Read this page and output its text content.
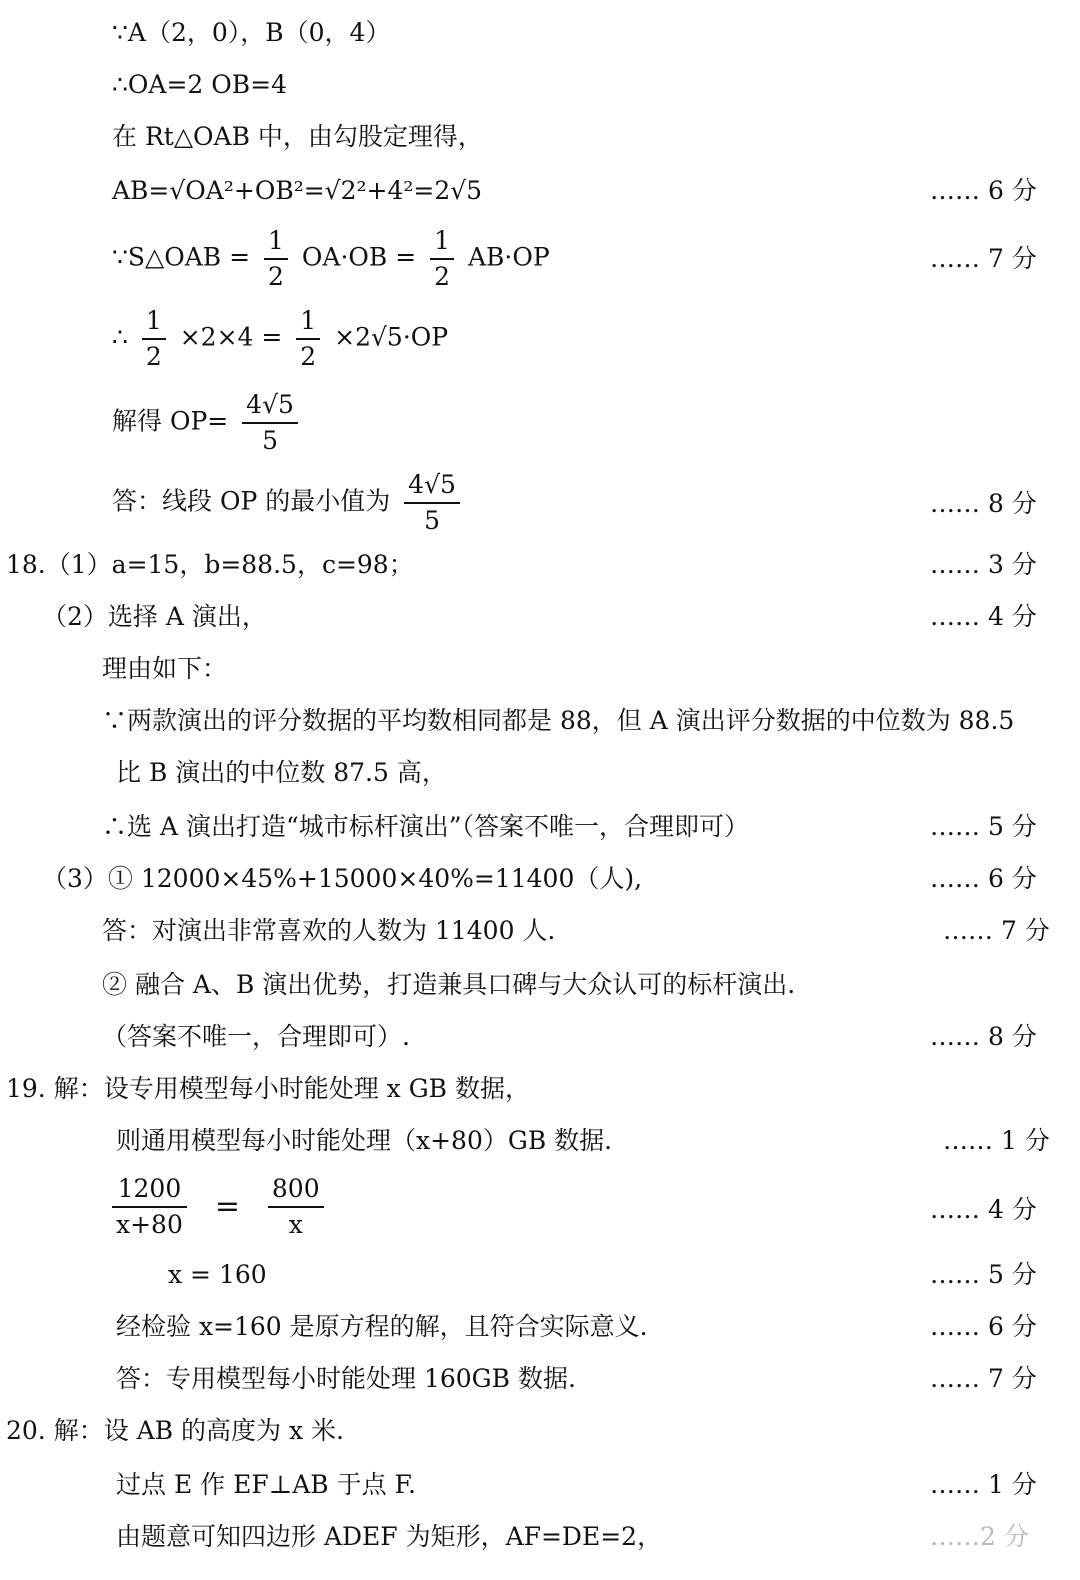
∵A（2，0），B（0，4）
∴OA=2 OB=4
在 Rt△OAB 中，由勾股定理得，
AB=√OA²+OB²=√2²+4²=2√5	…… 6 分
∵S△OAB = $\frac{1}{2} OA\cdot OB = \frac{1}{2} AB\cdot OP$	…… 7 分
∴ $\frac{1}{2} \times 2\times 4 = \frac{1}{2} \times 2√5\cdot OP$
解得 $OP= \frac{4√5}{5}$
答：线段 OP 的最小值为 $\frac{4√5}{5}$	…… 8 分
18.（1）a=15，b=88.5，c=98；	…… 3 分
（2）选择 A 演出，	…… 4 分
理由如下：
∵两款演出的评分数据的平均数相同都是 88，但 A 演出评分数据的中位数为 88.5
比 B 演出的中位数 87.5 高，
∴选 A 演出打造“城市标杆演出”（答案不唯一，合理即可）	…… 5 分
（3）① 12000×45%+15000×40%=11400（人),	…… 6 分
答：对演出非常喜欢的人数为 11400 人.	…… 7 分
② 融合 A、B 演出优势，打造兼具口碑与大众认可的标杆演出.
（答案不唯一，合理即可）.	…… 8 分
19. 解：设专用模型每小时能处理 x GB 数据，
则通用模型每小时能处理（x+80）GB 数据.	…… 1 分
$\frac{1200}{x+80} = \frac{800}{x}$	…… 4 分
x = 160	…… 5 分
经检验 x=160 是原方程的解，且符合实际意义.	…… 6 分
答：专用模型每小时能处理 160GB 数据.	…… 7 分
20. 解：设 AB 的高度为 x 米.
过点 E 作 EF⊥AB 于点 F.	…… 1 分
由题意可知四边形 ADEF 为矩形，AF=DE=2，	……2 分
